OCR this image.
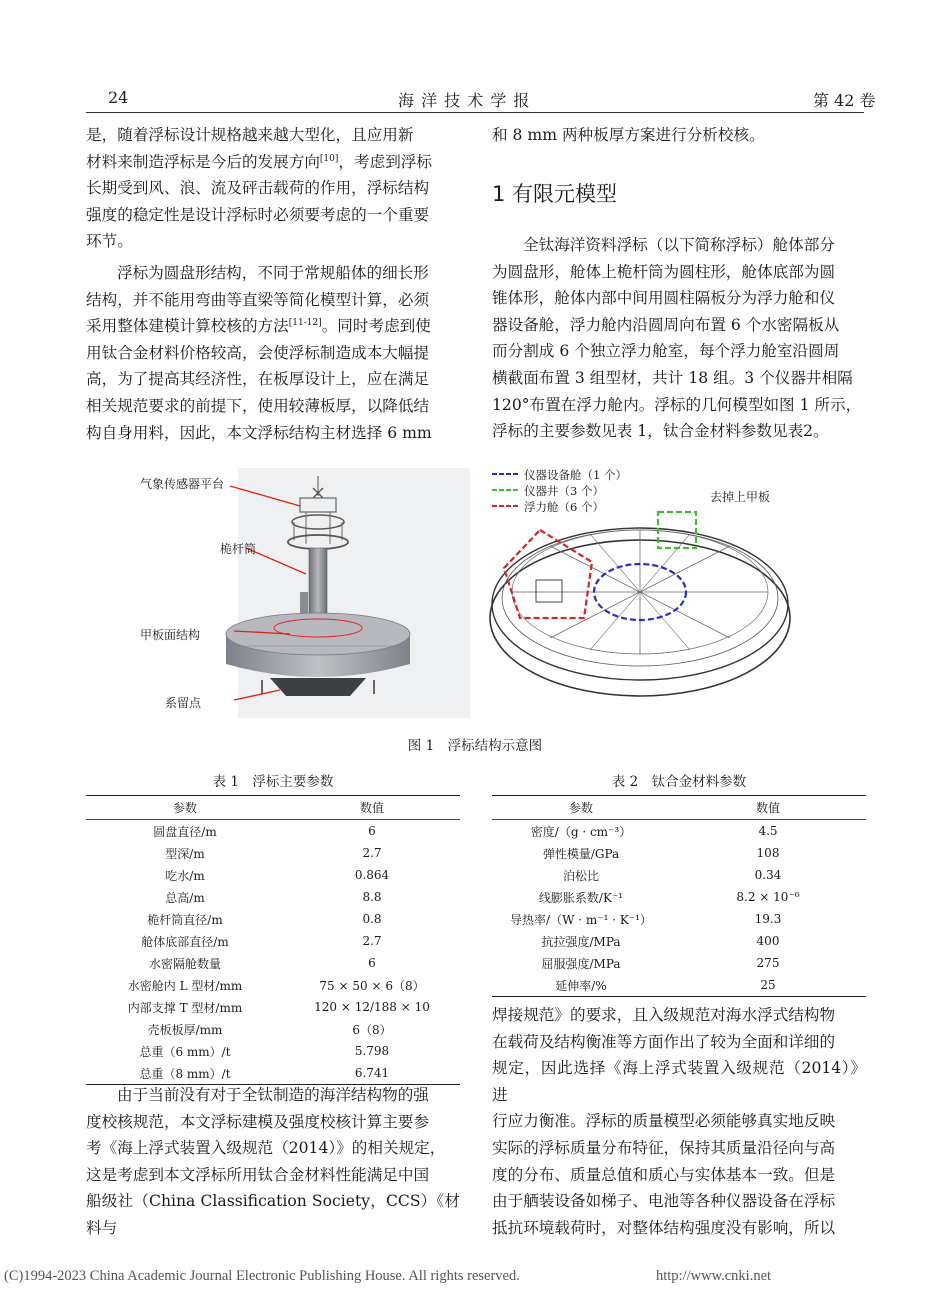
24	海 洋 技 术 学 报	第 42 卷
是，随着浮标设计规格越来越大型化，且应用新
材料来制造浮标是今后的发展方向[10]，考虑到浮标
长期受到风、浪、流及砰击载荷的作用，浮标结构
强度的稳定性是设计浮标时必须要考虑的一个重要
环节。
浮标为圆盘形结构，不同于常规船体的细长形
结构，并不能用弯曲等直梁等简化模型计算，必须
采用整体建模计算校核的方法[11-12]。同时考虑到使
用钛合金材料价格较高，会使浮标制造成本大幅提
高，为了提高其经济性，在板厚设计上，应在满足
相关规范要求的前提下，使用较薄板厚，以降低结
构自身用料，因此，本文浮标结构主材选择 6 mm
和 8 mm 两种板厚方案进行分析校核。
1 有限元模型
全钛海洋资料浮标（以下简称浮标）舱体部分
为圆盘形，舱体上桅杆筒为圆柱形，舱体底部为圆
锥体形，舱体内部中间用圆柱隔板分为浮力舱和仪
器设备舱，浮力舱内沿圆周向布置 6 个水密隔板从
而分割成 6 个独立浮力舱室，每个浮力舱室沿圆周
横截面布置 3 组型材，共计 18 组。3 个仪器井相隔
120°布置在浮力舱内。浮标的几何模型如图 1 所示，
浮标的主要参数见表 1，钛合金材料参数见表2。
气象传感器平台
桅杆筒
甲板面结构
系留点
仪器设备舱（1 个）
仪器井（3 个）
浮力舱（6 个）
去掉上甲板
图 1　浮标结构示意图
表 1　浮标主要参数
参数	数值
圆盘直径/m	6
型深/m	2.7
吃水/m	0.864
总高/m	8.8
桅杆筒直径/m	0.8
舱体底部直径/m	2.7
水密隔舱数量	6
水密舱内 L 型材/mm	75 × 50 × 6（8）
内部支撑 T 型材/mm	120 × 12/188 × 10
壳板板厚/mm	6（8）
总重（6 mm）/t	5.798
总重（8 mm）/t	6.741
表 2　钛合金材料参数
参数	数值
密度/（g · cm⁻³）	4.5
弹性模量/GPa	108
泊松比	0.34
线膨胀系数/K⁻¹	8.2 × 10⁻⁶
导热率/（W · m⁻¹ · K⁻¹）	19.3
抗拉强度/MPa	400
屈服强度/MPa	275
延伸率/%	25
由于当前没有对于全钛制造的海洋结构物的强
度校核规范，本文浮标建模及强度校核计算主要参
考《海上浮式装置入级规范（2014）》的相关规定，
这是考虑到本文浮标所用钛合金材料性能满足中国
船级社（China Classification Society，CCS）《材料与
焊接规范》的要求，且入级规范对海水浮式结构物
在载荷及结构衡准等方面作出了较为全面和详细的
规定，因此选择《海上浮式装置入级规范（2014）》进
行应力衡准。浮标的质量模型必须能够真实地反映
实际的浮标质量分布特征，保持其质量沿径向与高
度的分布、质量总值和质心与实体基本一致。但是
由于舾装设备如梯子、电池等各种仪器设备在浮标
抵抗环境载荷时，对整体结构强度没有影响，所以
(C)1994-2023 China Academic Journal Electronic Publishing House. All rights reserved.	http://www.cnki.net
